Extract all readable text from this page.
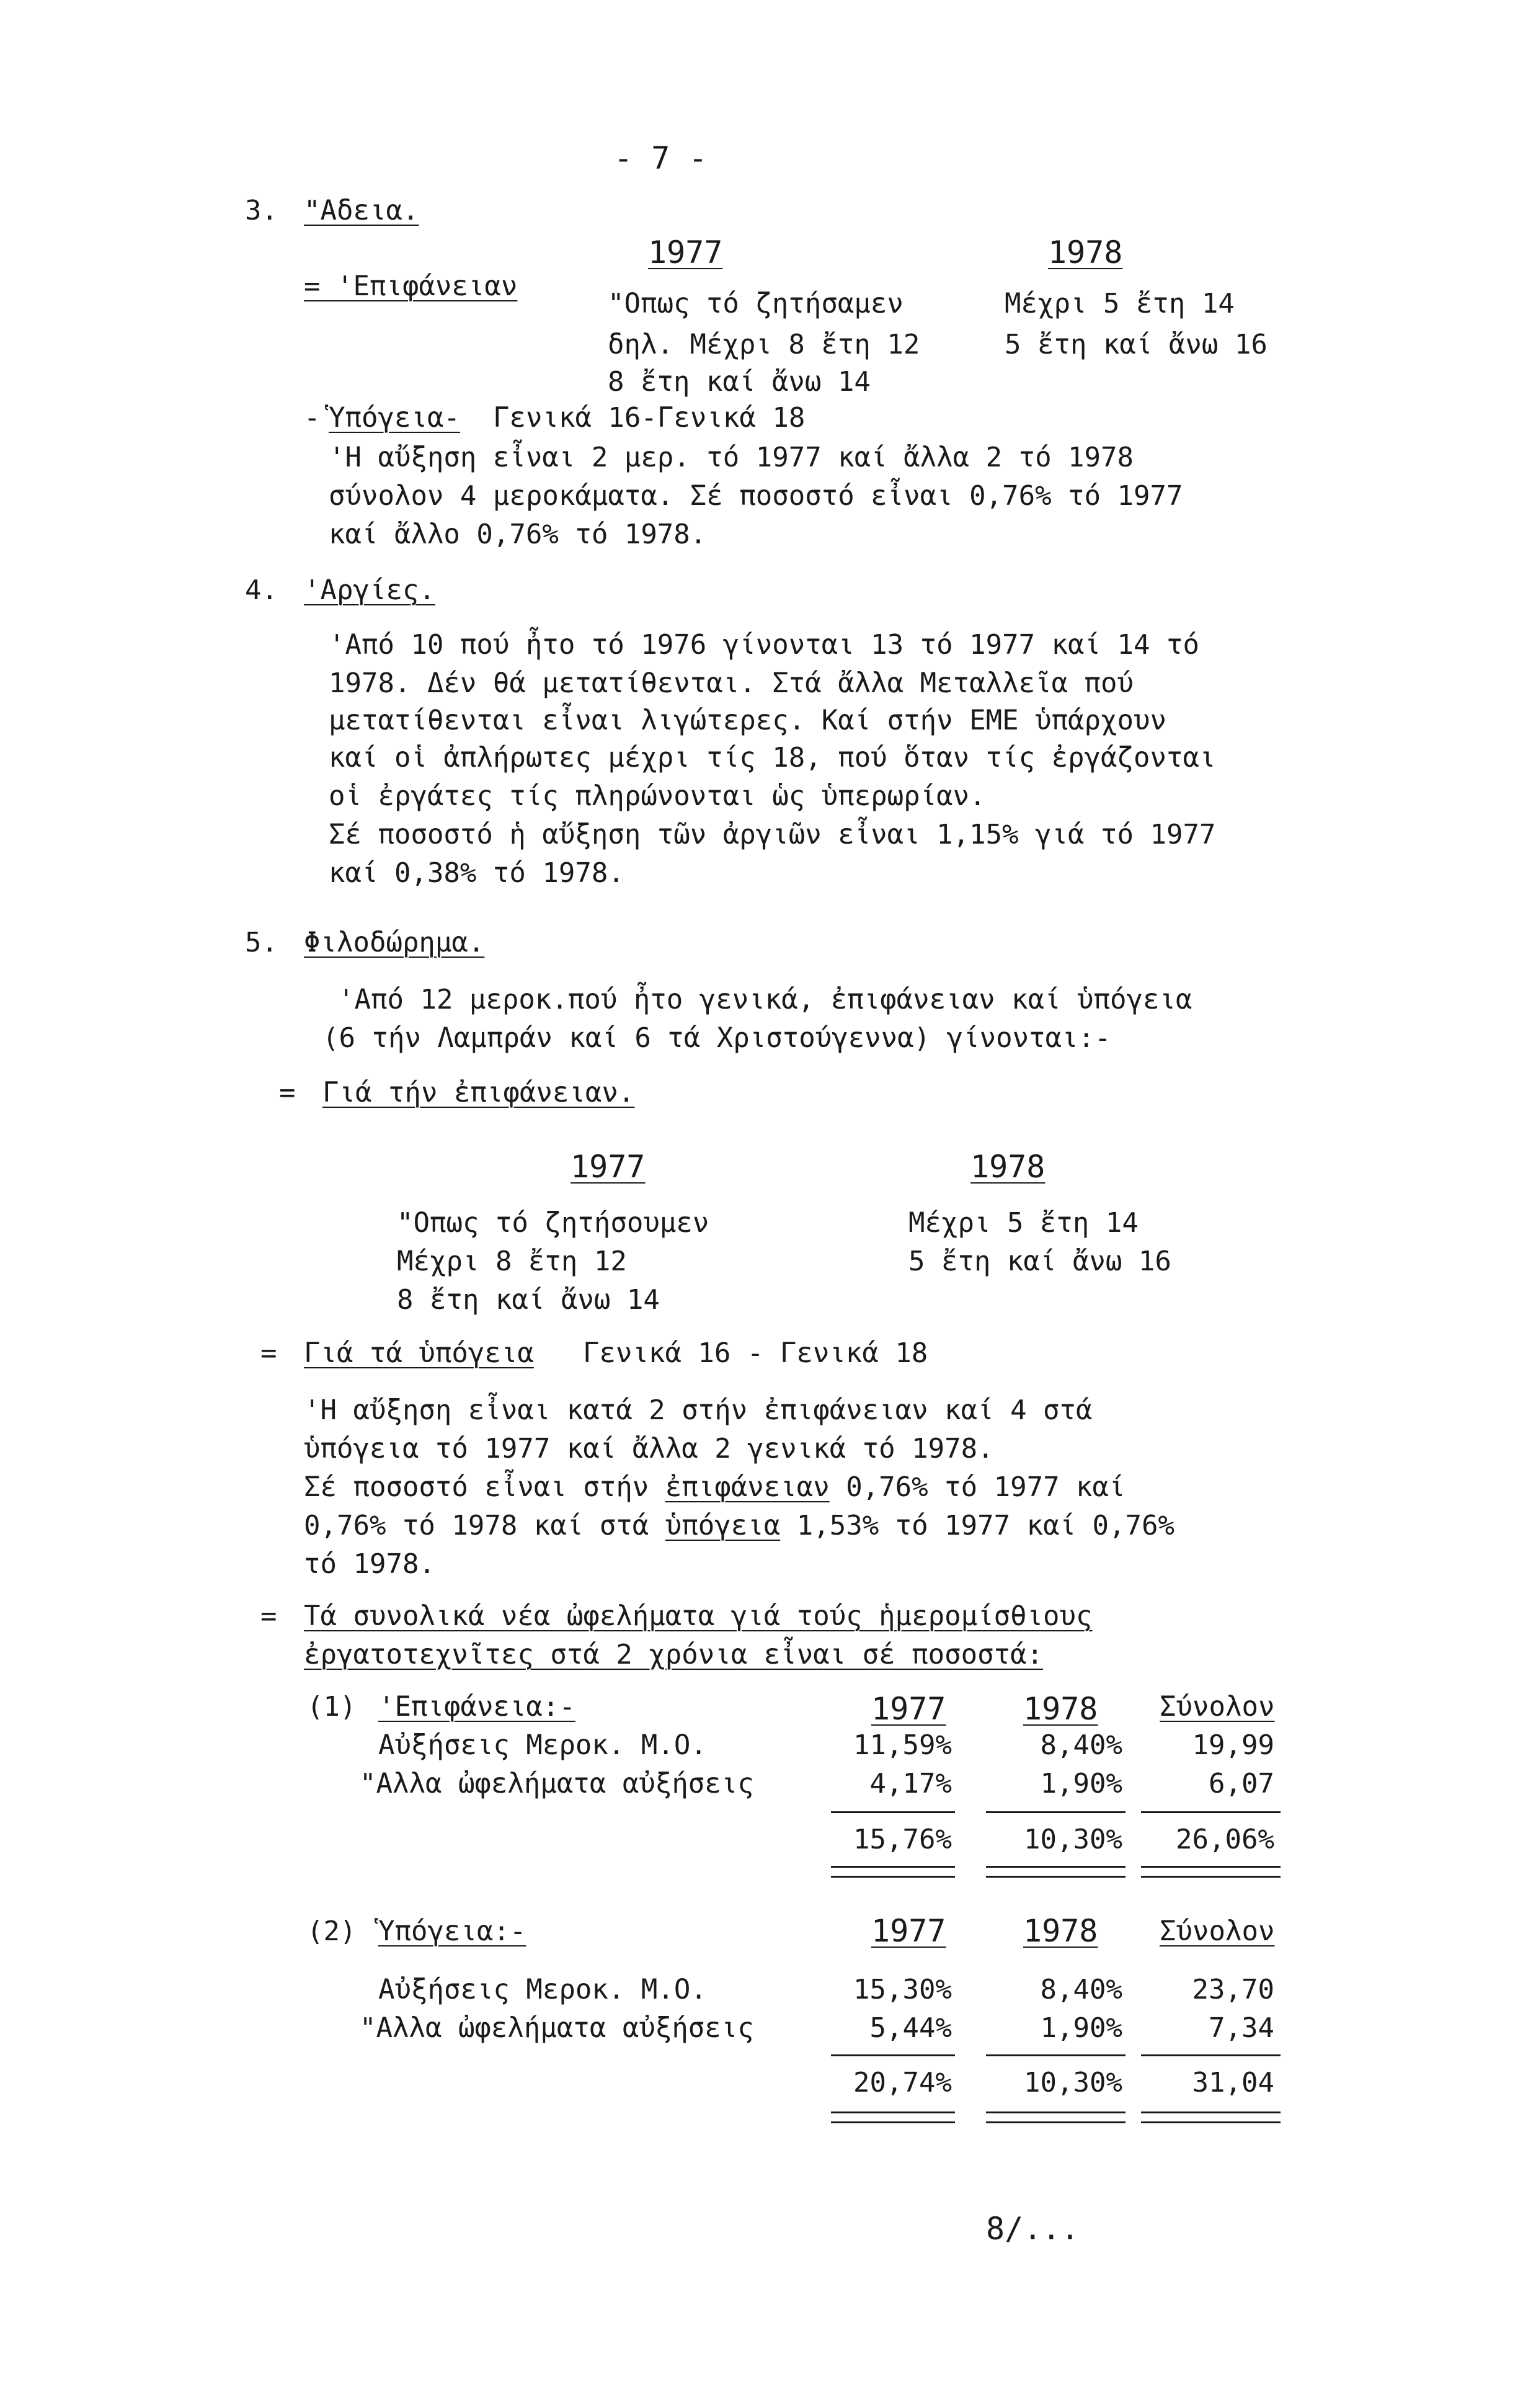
- 7 -
3. "Αδεια.
= 'Επιφάνειαν
1977	1978
"Οπως τό ζητήσαμεν	Μέχρι 5 ἔτη 14
δηλ. Μέχρι 8 ἔτη 12	5 ἔτη καί ἄνω 16
8 ἔτη καί ἄνω 14
- Ὑπόγεια- Γενικά 16-Γενικά 18
'Η αὔξηση εἶναι 2 μερ. τό 1977 καί ἄλλα 2 τό 1978
σύνολον 4 μεροκάματα. Σέ ποσοστό εἶναι 0,76% τό 1977
καί ἄλλο 0,76% τό 1978.
4. 'Αργίες.
'Από 10 πού ἦτο τό 1976 γίνονται 13 τό 1977 καί 14 τό
1978. Δέν θά μετατίθενται. Στά ἄλλα Μεταλλεῖα πού
μετατίθενται εἶναι λιγώτερες. Καί στήν ΕΜΕ ὑπάρχουν
καί οἱ ἀπλήρωτες μέχρι τίς 18, πού ὅταν τίς ἐργάζονται
οἱ ἐργάτες τίς πληρώνονται ὡς ὑπερωρίαν.
Σέ ποσοστό ἡ αὔξηση τῶν ἀργιῶν εἶναι 1,15% γιά τό 1977
καί 0,38% τό 1978.
5. Φιλοδώρημα.
'Από 12 μεροκ.πού ἦτο γενικά, ἐπιφάνειαν καί ὑπόγεια
(6 τήν Λαμπράν καί 6 τά Χριστούγεννα) γίνονται:-
= Γιά τήν ἐπιφάνειαν.
1977	1978
"Οπως τό ζητήσουμεν	Μέχρι 5 ἔτη 14
Μέχρι 8 ἔτη 12	5 ἔτη καί ἄνω 16
8 ἔτη καί ἄνω 14
= Γιά τά ὑπόγεια Γενικά 16 - Γενικά 18
'Η αὔξηση εἶναι κατά 2 στήν ἐπιφάνειαν καί 4 στά
ὑπόγεια τό 1977 καί ἄλλα 2 γενικά τό 1978.
Σέ ποσοστό εἶναι στήν ἐπιφάνειαν 0,76% τό 1977 καί
0,76% τό 1978 καί στά ὑπόγεια 1,53% τό 1977 καί 0,76%
τό 1978.
= Τά συνολικά νέα ὠφελήματα γιά τούς ἡμερομίσθιους
ἐργατοτεχνῖτες στά 2 χρόνια εἶναι σέ ποσοστά:
(1) 'Επιφάνεια:-	1977 1978 Σύνολον
Αὐξήσεις Μεροκ. Μ.Ο.	11,59%	8,40%	19,99
"Αλλα ὠφελήματα αὐξήσεις	4,17%	1,90%	6,07
15,76%	10,30%	26,06%
(2) Ὑπόγεια:-	1977 1978 Σύνολον
Αὐξήσεις Μεροκ. Μ.Ο.	15,30%	8,40%	23,70
"Αλλα ὠφελήματα αὐξήσεις	5,44%	1,90%	7,34
20,74%	10,30%	31,04
8/...
